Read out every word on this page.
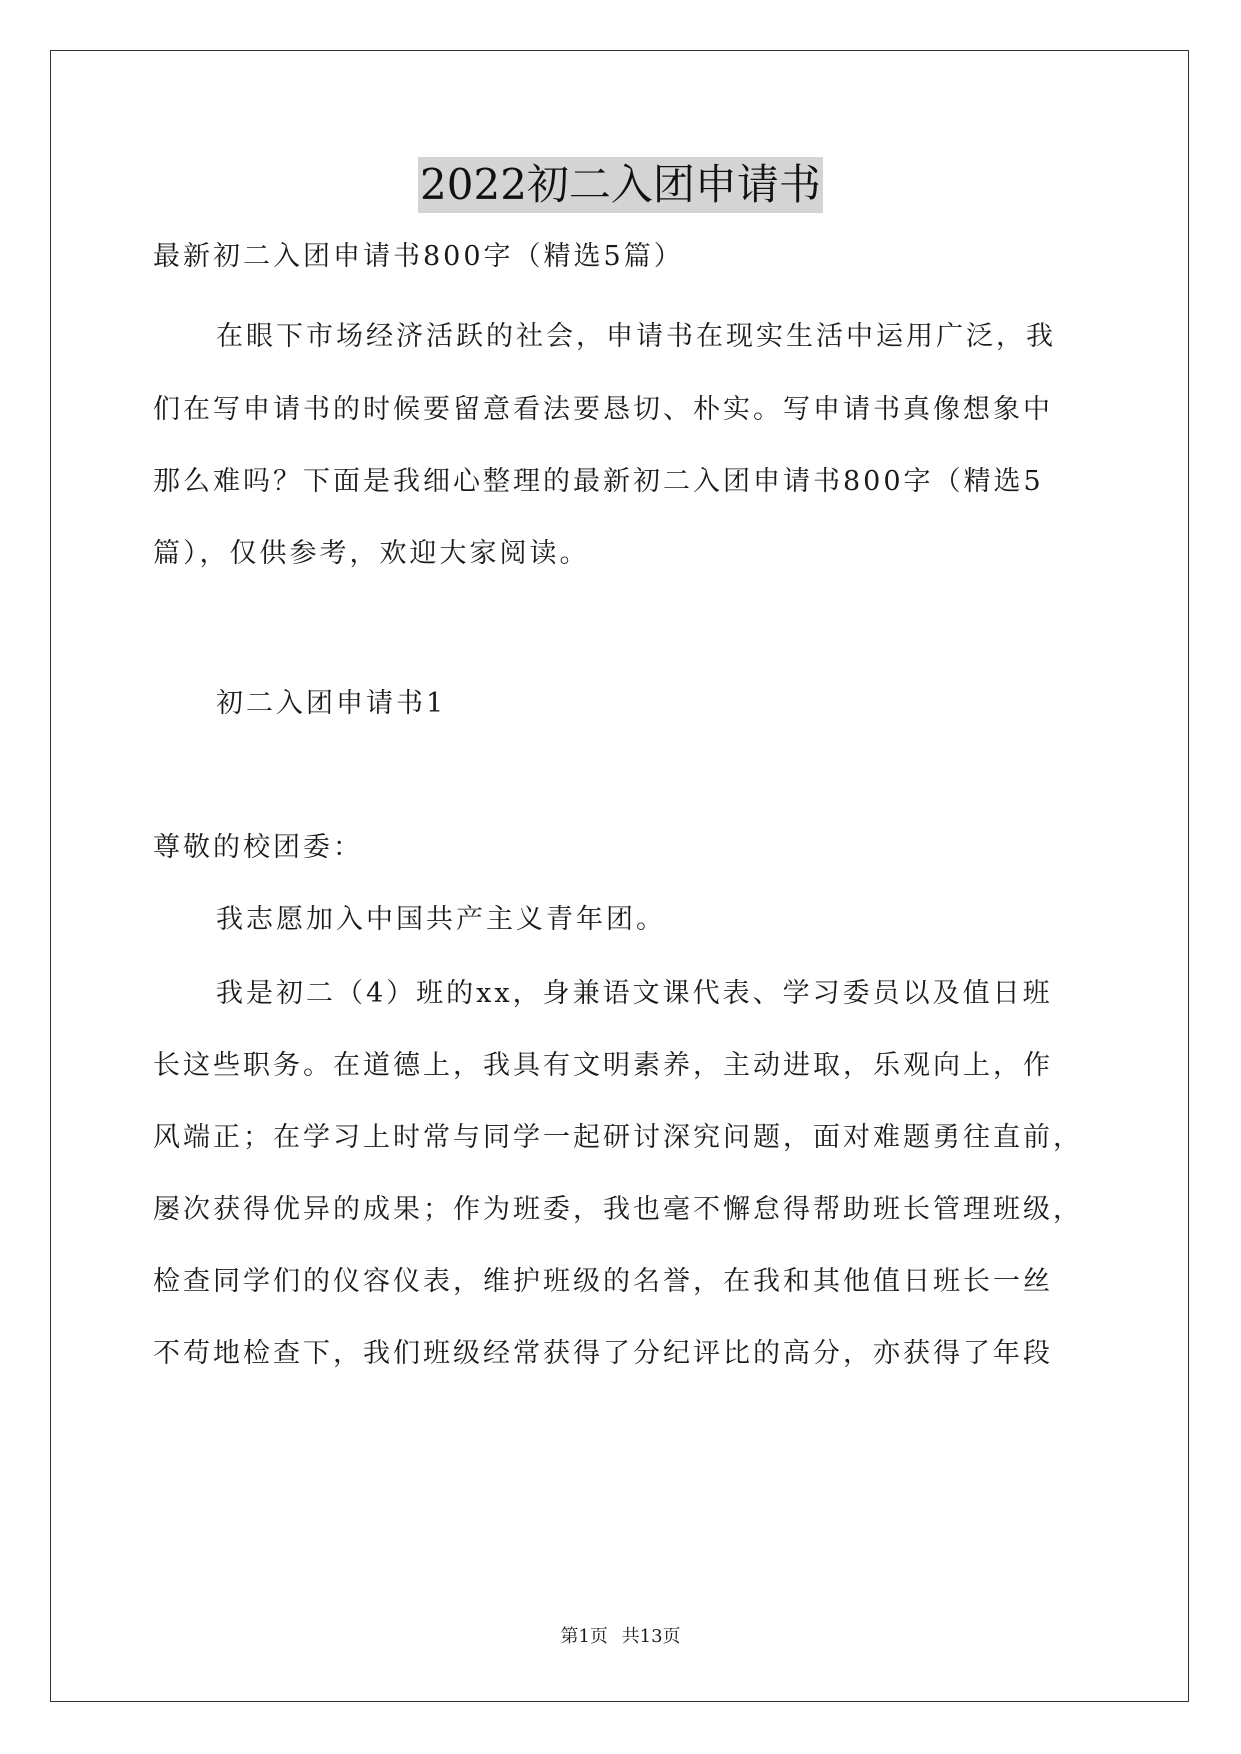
2022初二入团申请书
最新初二入团申请书800字（精选5篇）
在眼下市场经济活跃的社会，申请书在现实生活中运用广泛，我
们在写申请书的时候要留意看法要恳切、朴实。写申请书真像想象中
那么难吗？下面是我细心整理的最新初二入团申请书800字（精选5
篇），仅供参考，欢迎大家阅读。
初二入团申请书1
尊敬的校团委：
我志愿加入中国共产主义青年团。
我是初二（4）班的xx，身兼语文课代表、学习委员以及值日班
长这些职务。在道德上，我具有文明素养，主动进取，乐观向上，作
风端正；在学习上时常与同学一起研讨深究问题，面对难题勇往直前，
屡次获得优异的成果；作为班委，我也毫不懈怠得帮助班长管理班级，
检查同学们的仪容仪表，维护班级的名誉，在我和其他值日班长一丝
不苟地检查下，我们班级经常获得了分纪评比的高分，亦获得了年段
第1页 共13页
